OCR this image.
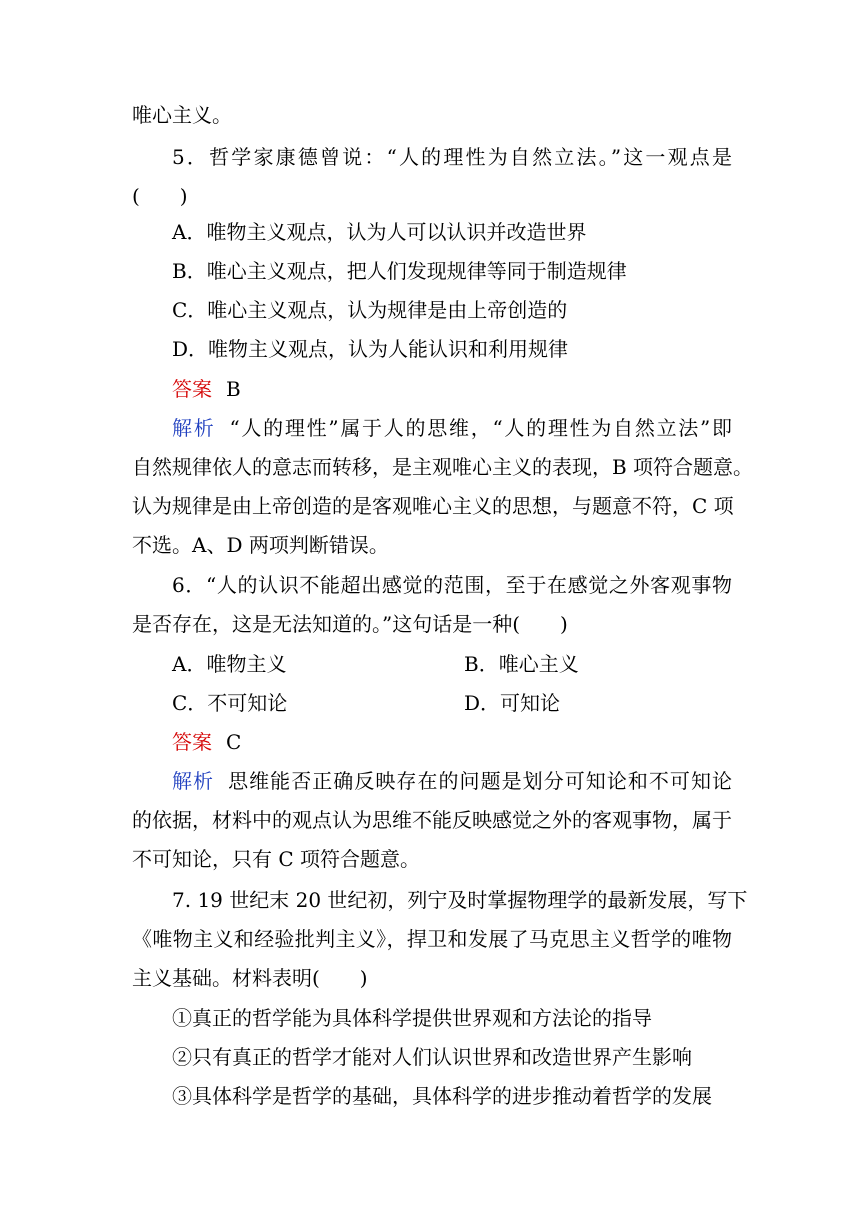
唯心主义。
5．哲学家康德曾说：“人的理性为自然立法。”这一观点是
(　　)
A．唯物主义观点，认为人可以认识并改造世界
B．唯心主义观点，把人们发现规律等同于制造规律
C．唯心主义观点，认为规律是由上帝创造的
D．唯物主义观点，认为人能认识和利用规律
答案 B
解析 “人的理性”属于人的思维，“人的理性为自然立法”即
自然规律依人的意志而转移，是主观唯心主义的表现，B 项符合题意。
认为规律是由上帝创造的是客观唯心主义的思想，与题意不符，C 项
不选。A、D 两项判断错误。
6．“人的认识不能超出感觉的范围，至于在感觉之外客观事物
是否存在，这是无法知道的。”这句话是一种(　　)
A．唯物主义	B．唯心主义
C．不可知论	D．可知论
答案 C
解析 思维能否正确反映存在的问题是划分可知论和不可知论
的依据，材料中的观点认为思维不能反映感觉之外的客观事物，属于
不可知论，只有 C 项符合题意。
7. 19 世纪末 20 世纪初，列宁及时掌握物理学的最新发展，写下
《唯物主义和经验批判主义》，捍卫和发展了马克思主义哲学的唯物
主义基础。材料表明(　　)
①真正的哲学能为具体科学提供世界观和方法论的指导
②只有真正的哲学才能对人们认识世界和改造世界产生影响
③具体科学是哲学的基础，具体科学的进步推动着哲学的发展
